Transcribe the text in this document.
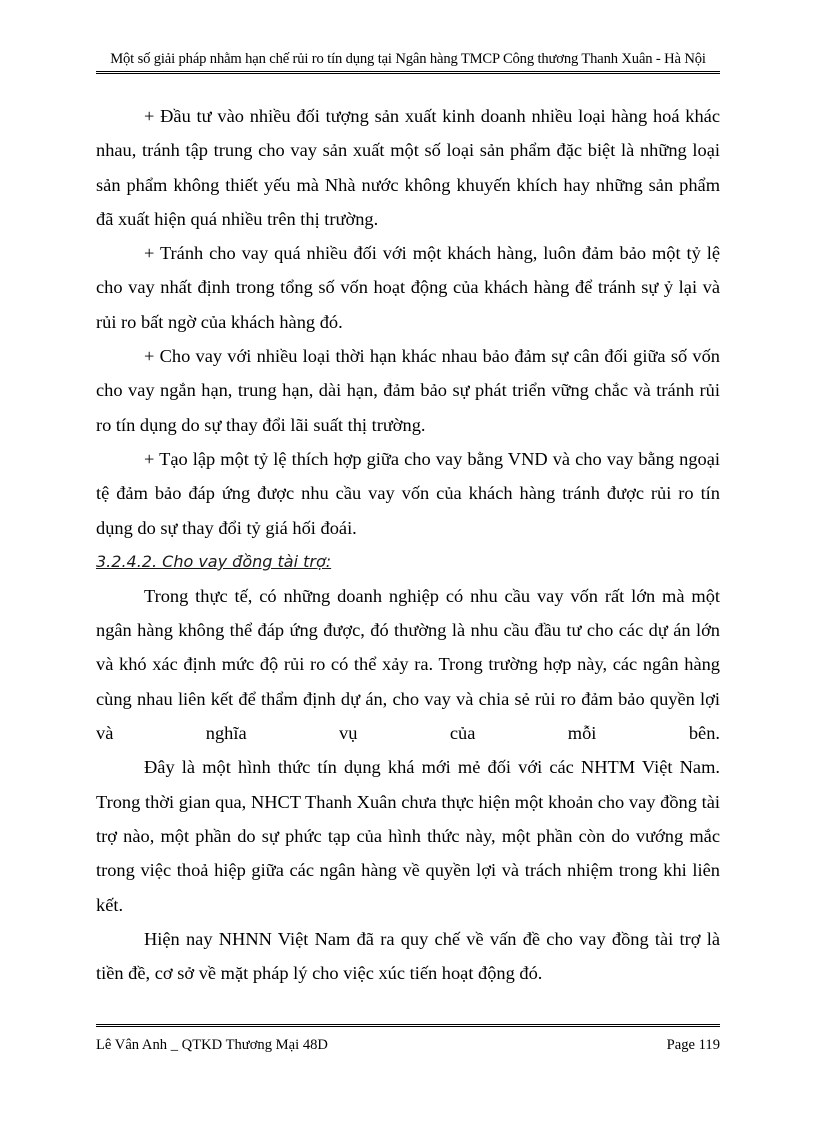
Một số giải pháp nhằm hạn chế rủi ro tín dụng tại Ngân hàng TMCP Công thương Thanh Xuân - Hà Nội

+ Đầu tư vào nhiều đối tượng sản xuất kinh doanh nhiều loại hàng hoá khác nhau, tránh tập trung cho vay sản xuất một số loại sản phẩm đặc biệt là những loại sản phẩm không thiết yếu mà Nhà nước không khuyến khích hay những sản phẩm đã xuất hiện quá nhiều trên thị trường.

+ Tránh cho vay quá nhiều đối với một khách hàng, luôn đảm bảo một tỷ lệ cho vay nhất định trong tổng số vốn hoạt động của khách hàng để tránh sự ỷ lại và rủi ro bất ngờ của khách hàng đó.

+ Cho vay với nhiều loại thời hạn khác nhau bảo đảm sự cân đối giữa số vốn cho vay ngắn hạn, trung hạn, dài hạn, đảm bảo sự phát triển vững chắc và tránh rủi ro tín dụng do sự thay đổi lãi suất thị trường.

+ Tạo lập một tỷ lệ thích hợp giữa cho vay bằng VND và cho vay bằng ngoại tệ đảm bảo đáp ứng được nhu cầu vay vốn của khách hàng tránh được rủi ro tín dụng do sự thay đổi tỷ giá hối đoái.

3.2.4.2. Cho vay đồng tài trợ:

Trong thực tế, có những doanh nghiệp có nhu cầu vay vốn rất lớn mà một ngân hàng không thể đáp ứng được, đó thường là nhu cầu đầu tư cho các dự án lớn và khó xác định mức độ rủi ro có thể xảy ra. Trong trường hợp này, các ngân hàng cùng nhau liên kết để thẩm định dự án, cho vay và chia sẻ rủi ro đảm bảo quyền lợi và nghĩa vụ của mỗi bên.

Đây là một hình thức tín dụng khá mới mẻ đối với các NHTM Việt Nam. Trong thời gian qua, NHCT Thanh Xuân chưa thực hiện một khoản cho vay đồng tài trợ nào, một phần do sự phức tạp của hình thức này, một phần còn do vướng mắc trong việc thoả hiệp giữa các ngân hàng về quyền lợi và trách nhiệm trong khi liên kết.

Hiện nay NHNN Việt Nam đã ra quy chế về vấn đề cho vay đồng tài trợ là tiền đề, cơ sở về mặt pháp lý cho việc xúc tiến hoạt động đó.

Lê Vân Anh _ QTKD Thương Mại 48D	Page 119
